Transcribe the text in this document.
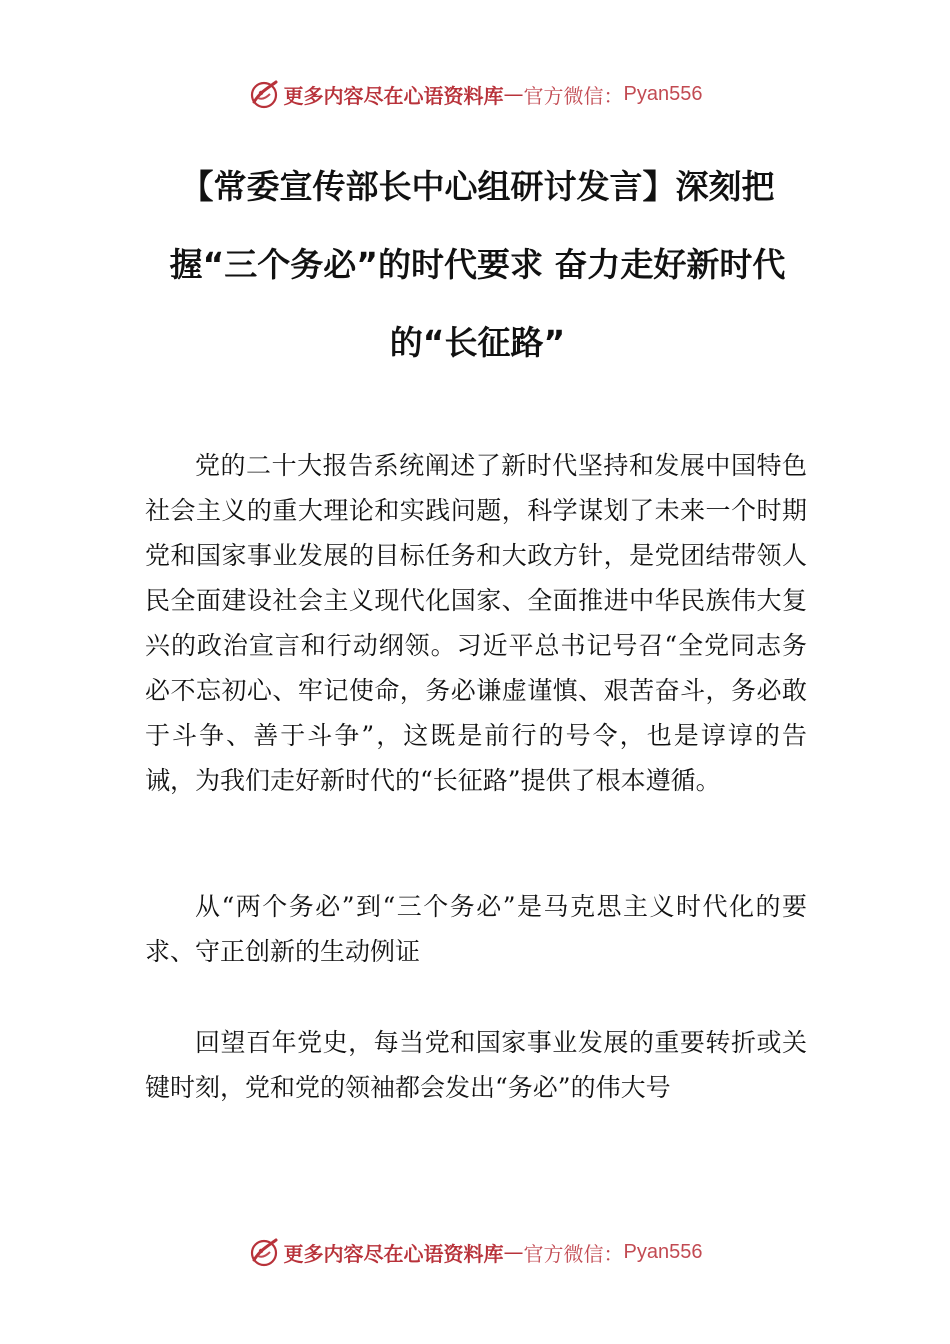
更多内容尽在心语资料库 — 官方微信： Pyan556
【常委宣传部长中心组研讨发言】深刻把握“三个务必”的时代要求 奋力走好新时代的“长征路”

党的二十大报告系统阐述了新时代坚持和发展中国特色社会主义的重大理论和实践问题，科学谋划了未来一个时期党和国家事业发展的目标任务和大政方针，是党团结带领人民全面建设社会主义现代化国家、全面推进中华民族伟大复兴的政治宣言和行动纲领。习近平总书记号召“全党同志务必不忘初心、牢记使命，务必谦虚谨慎、艰苦奋斗，务必敢于斗争、善于斗争”，这既是前行的号令，也是谆谆的告诫，为我们走好新时代的“长征路”提供了根本遵循。

从“两个务必”到“三个务必”是马克思主义时代化的要求、守正创新的生动例证

回望百年党史，每当党和国家事业发展的重要转折或关键时刻，党和党的领袖都会发出“务必”的伟大号

更多内容尽在心语资料库 — 官方微信： Pyan556
